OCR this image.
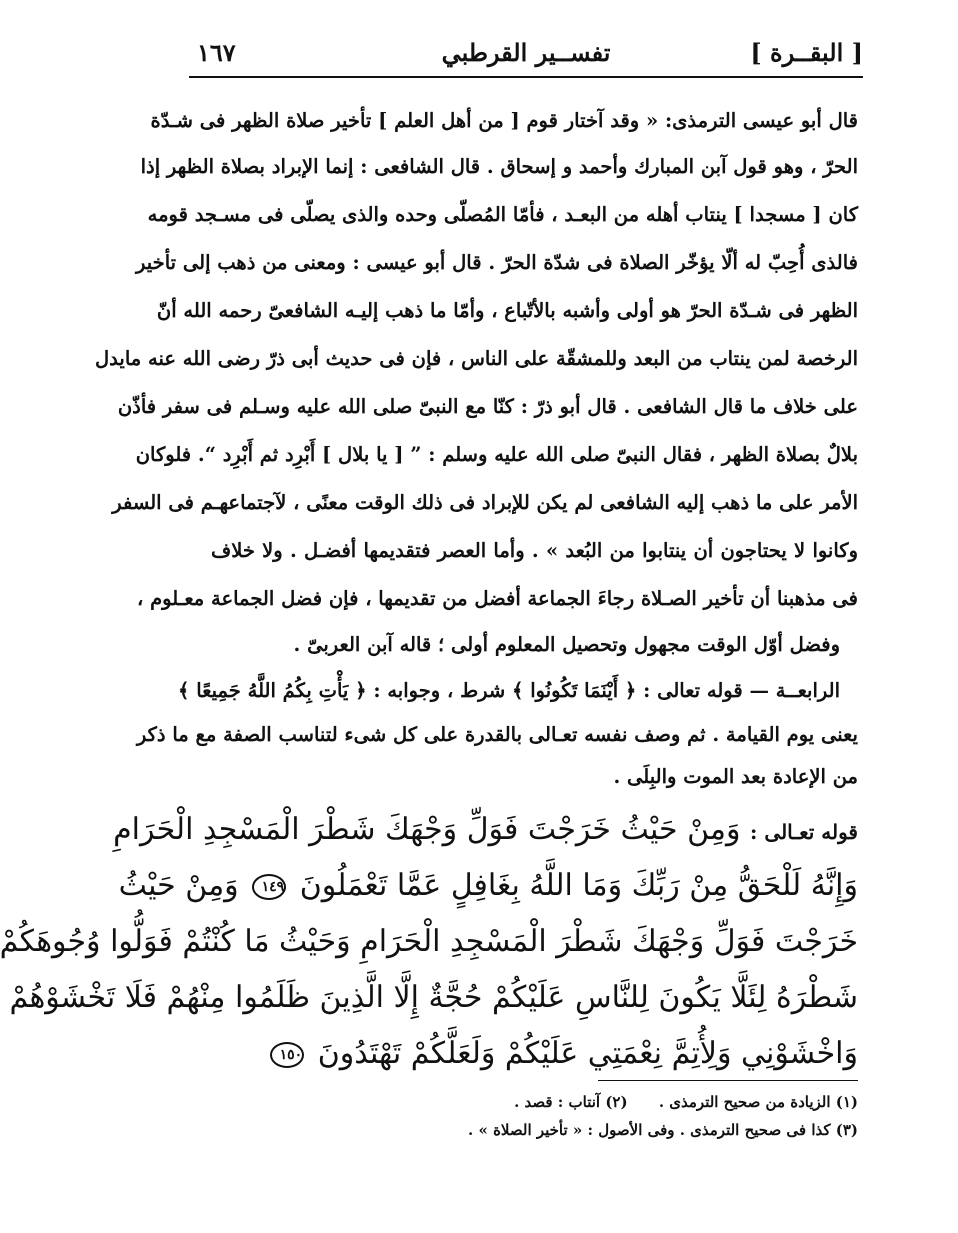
[ البقــرة ]
تفســير القرطبي
١٦٧
قال أبو عيسى الترمذى: « وقد آختار قوم [ من أهل العلم ] تأخير صلاة الظهر فى شـدّة
الحرّ ، وهو قول آبن المبارك وأحمد و إسحاق . قال الشافعى : إنما الإبراد بصلاة الظهر إذا
كان [ مسجدا ] ينتاب أهله من البعـد ، فأمّا المُصلّى وحده والذى يصلّى فى مسـجد قومه
فالذى أُحِبّ له ألّا يؤخّر الصلاة فى شدّة الحرّ . قال أبو عيسى : ومعنى من ذهب إلى تأخير
الظهر فى شـدّة الحرّ هو أولى وأشبه بالأتّباع ، وأمّا ما ذهب إليـه الشافعىّ رحمه الله أنّ
الرخصة لمن ينتاب من البعد وللمشقّة على الناس ، فإن فى حديث أبى ذرّ رضى الله عنه مايدل
على خلاف ما قال الشافعى . قال أبو ذرّ : كنّا مع النبىّ صلى الله عليه وسـلم فى سفر فأذّن
بلالٌ بصلاة الظهر ، فقال النبىّ صلى الله عليه وسلم : ” [ يا بلال ] أَبْرِد ثم أَبْرِد “. فلوكان
الأمر على ما ذهب إليه الشافعى لم يكن للإبراد فى ذلك الوقت معنًى ، لآجتماعهـم فى السفر
وكانوا لا يحتاجون أن ينتابوا من البُعد » . وأما العصر فتقديمها أفضـل . ولا خلاف
فى مذهبنا أن تأخير الصـلاة رجاءَ الجماعة أفضل من تقديمها ، فإن فضل الجماعة معـلوم ،
وفضل أوّل الوقت مجهول وتحصيل المعلوم أولى ؛ قاله آبن العربىّ .
الرابعــة — قوله تعالى : ﴿ أَيْنَمَا تَكُونُوا ﴾ شرط ، وجوابه : ﴿ يَأْتِ بِكُمُ اللَّهُ جَمِيعًا ﴾
يعنى يوم القيامة . ثم وصف نفسه تعـالى بالقدرة على كل شىء لتناسب الصفة مع ما ذكر
من الإعادة بعد الموت والبِلَى .
قوله تعـالى : وَمِنْ حَيْثُ خَرَجْتَ فَوَلِّ وَجْهَكَ شَطْرَ الْمَسْجِدِ الْحَرَامِ
وَإِنَّهُ لَلْحَقُّ مِنْ رَبِّكَ وَمَا اللَّهُ بِغَافِلٍ عَمَّا تَعْمَلُونَ ١٤٩ وَمِنْ حَيْثُ
خَرَجْتَ فَوَلِّ وَجْهَكَ شَطْرَ الْمَسْجِدِ الْحَرَامِ وَحَيْثُ مَا كُنْتُمْ فَوَلُّوا وُجُوهَكُمْ
شَطْرَهُ لِئَلَّا يَكُونَ لِلنَّاسِ عَلَيْكُمْ حُجَّةٌ إِلَّا الَّذِينَ ظَلَمُوا مِنْهُمْ فَلَا تَخْشَوْهُمْ
وَاخْشَوْنِي وَلِأُتِمَّ نِعْمَتِي عَلَيْكُمْ وَلَعَلَّكُمْ تَهْتَدُونَ ١٥٠
(١) الزيادة من صحيح الترمذى . (٢) آنتاب : قصد .
(٣) كذا فى صحيح الترمذى . وفى الأصول : « تأخير الصلاة » .
